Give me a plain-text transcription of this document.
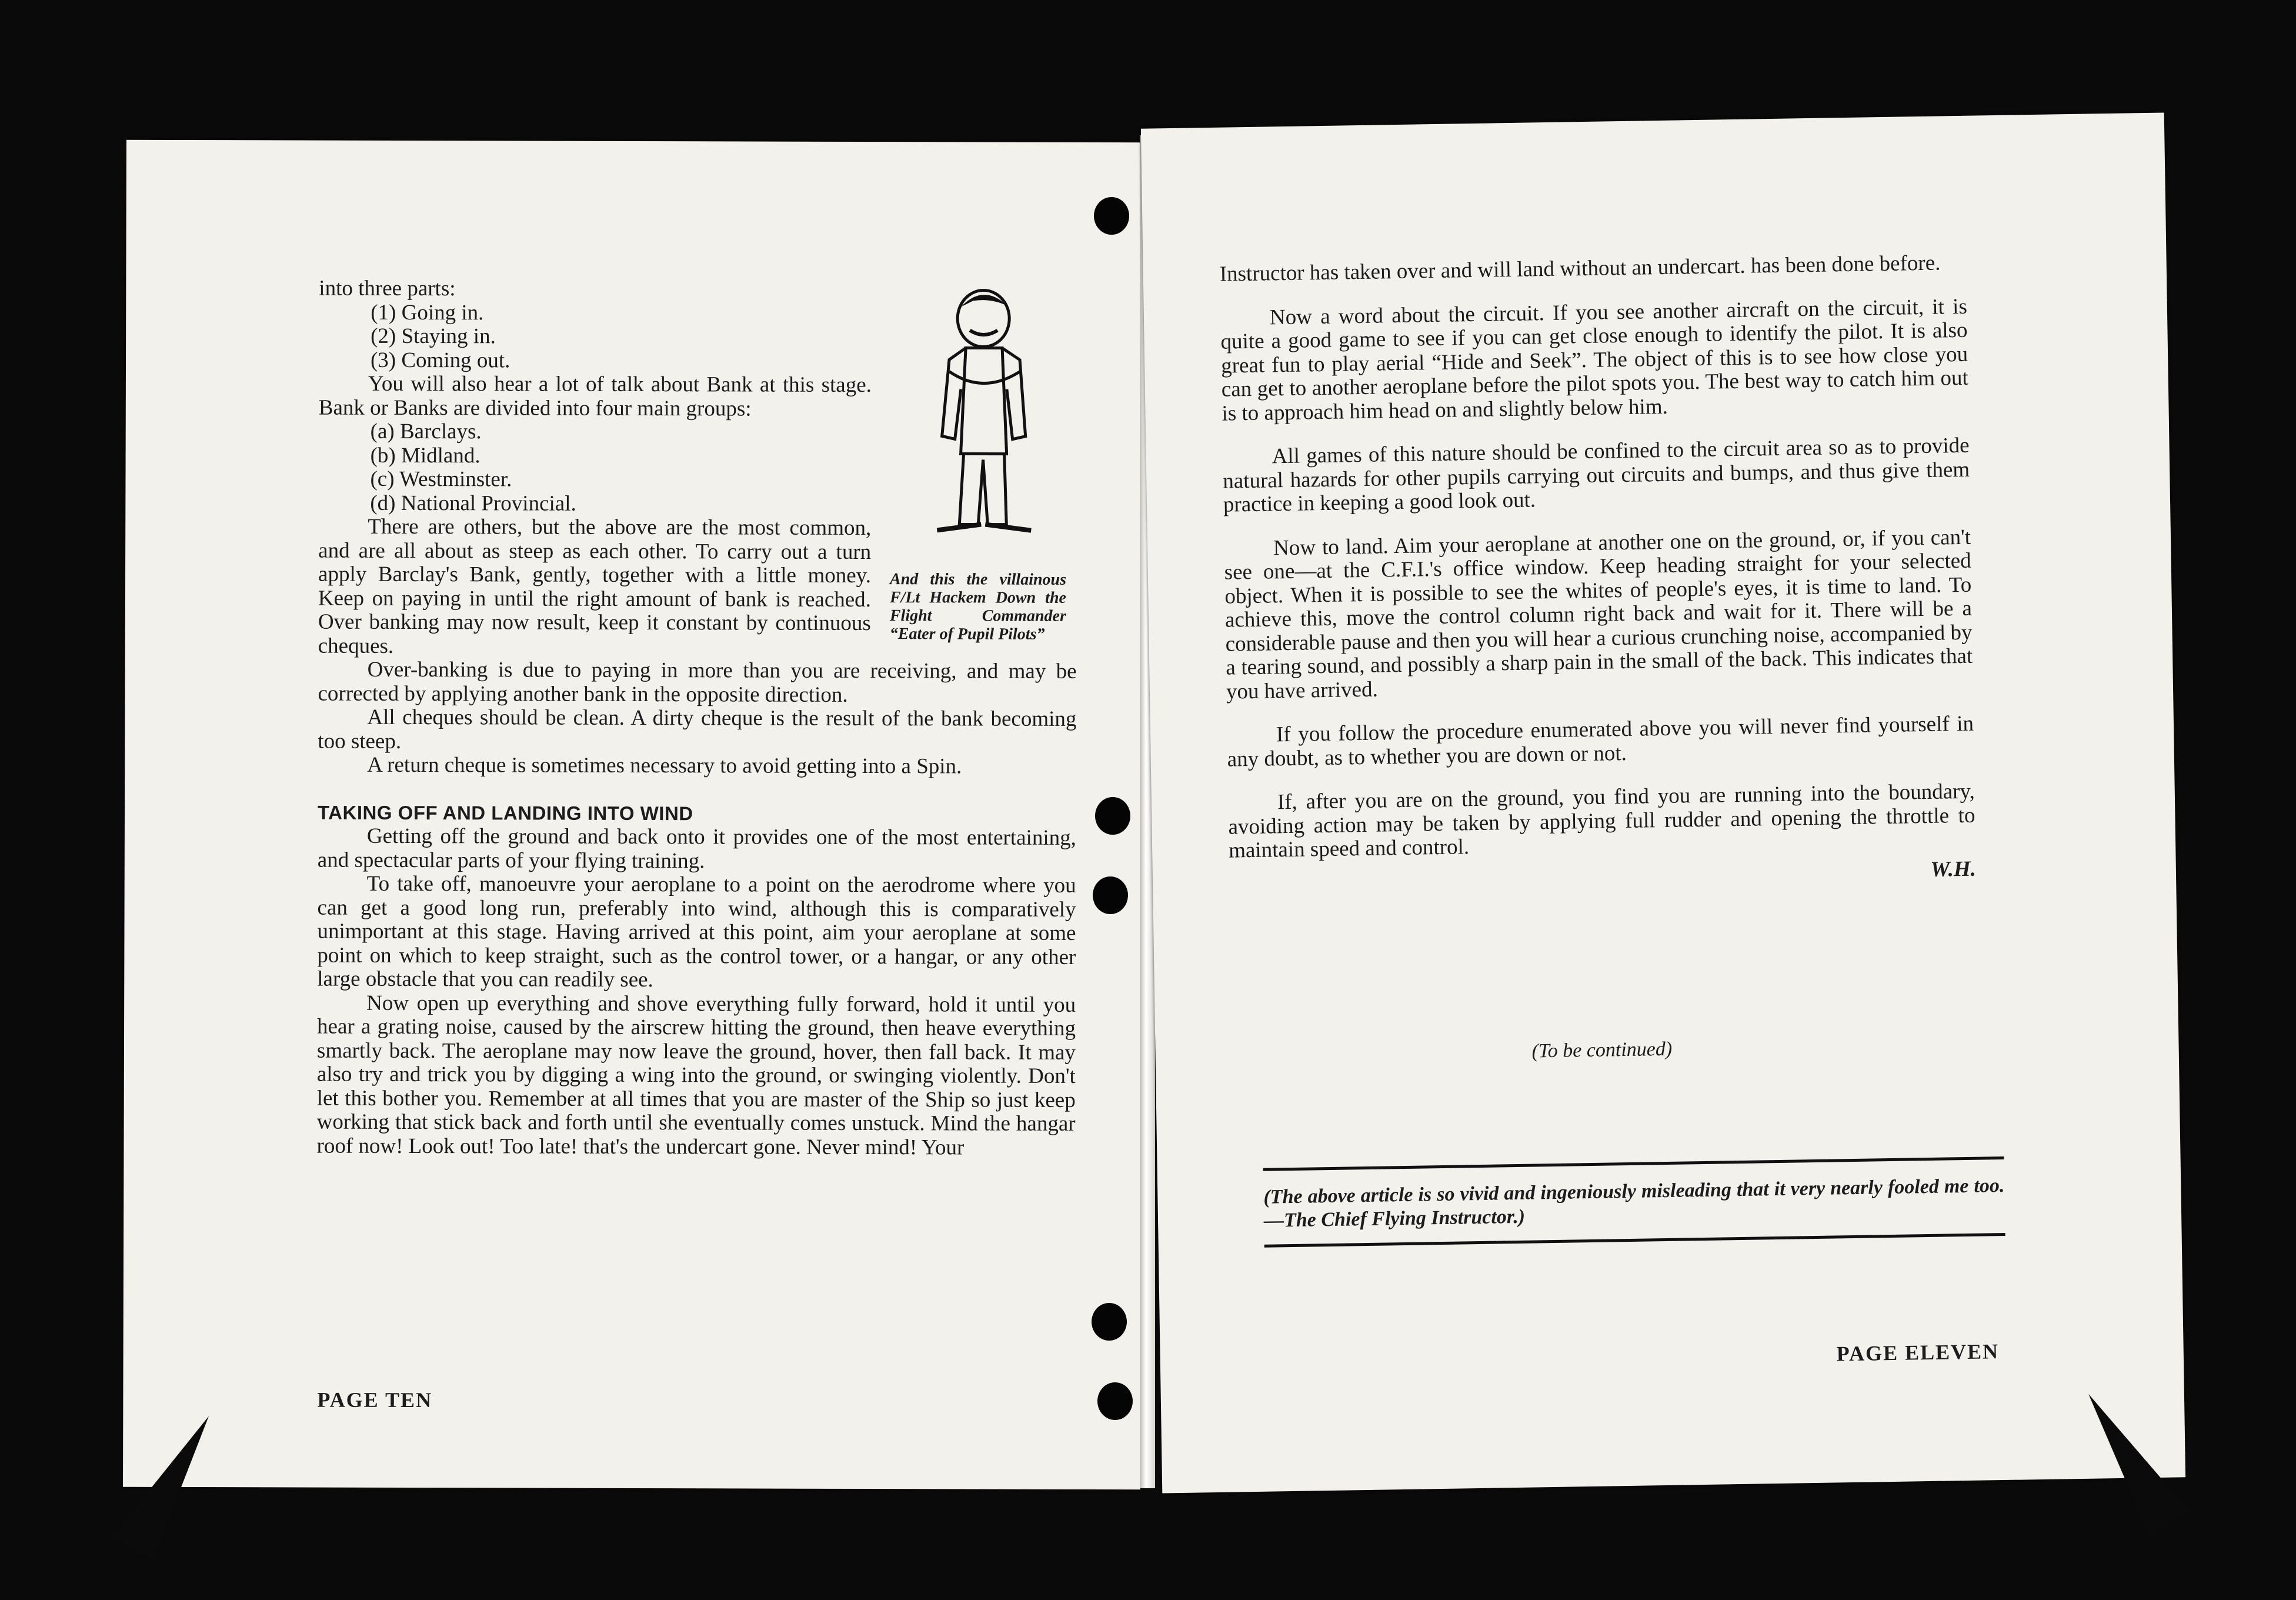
into three parts:

(1) Going in.

(2) Staying in.

(3) Coming out.

You will also hear a lot of talk about Bank at this stage. Bank or Banks are divided into four main groups:

(a) Barclays.

(b) Midland.

(c) Westminster.

(d) National Provincial.

There are others, but the above are the most common, and are all about as steep as each other. To carry out a turn apply Barclay's Bank, gently, together with a little money. Keep on paying in until the right amount of bank is reached. Over banking may now result, keep it constant by continuous cheques.

Over-banking is due to paying in more than you are receiving, and may be corrected by applying another bank in the opposite direction.

All cheques should be clean. A dirty cheque is the result of the bank becoming too steep.

A return cheque is sometimes necessary to avoid getting into a Spin.

TAKING OFF AND LANDING INTO WIND

Getting off the ground and back onto it provides one of the most entertaining, and spectacular parts of your flying training.

To take off, manoeuvre your aeroplane to a point on the aerodrome where you can get a good long run, preferably into wind, although this is comparatively unimportant at this stage. Having arrived at this point, aim your aeroplane at some point on which to keep straight, such as the control tower, or a hangar, or any other large obstacle that you can readily see.

Now open up everything and shove everything fully forward, hold it until you hear a grating noise, caused by the airscrew hitting the ground, then heave everything smartly back. The aeroplane may now leave the ground, hover, then fall back. It may also try and trick you by digging a wing into the ground, or swinging violently. Don't let this bother you. Remember at all times that you are master of the Ship so just keep working that stick back and forth until she eventually comes unstuck. Mind the hangar roof now! Look out! Too late! that's the undercart gone. Never mind! Your

And this the villainous F/Lt Hackem Down the Flight Commander “Eater of Pupil Pilots”

PAGE TEN

Instructor has taken over and will land without an undercart. has been done before.

Now a word about the circuit. If you see another aircraft on the circuit, it is quite a good game to see if you can get close enough to identify the pilot. It is also great fun to play aerial “Hide and Seek”. The object of this is to see how close you can get to another aeroplane before the pilot spots you. The best way to catch him out is to approach him head on and slightly below him.

All games of this nature should be confined to the circuit area so as to provide natural hazards for other pupils carrying out circuits and bumps, and thus give them practice in keeping a good look out.

Now to land. Aim your aeroplane at another one on the ground, or, if you can't see one—at the C.F.I.'s office window. Keep heading straight for your selected object. When it is possible to see the whites of people's eyes, it is time to land. To achieve this, move the control column right back and wait for it. There will be a considerable pause and then you will hear a curious crunching noise, accompanied by a tearing sound, and possibly a sharp pain in the small of the back. This indicates that you have arrived.

If you follow the procedure enumerated above you will never find yourself in any doubt, as to whether you are down or not.

If, after you are on the ground, you find you are running into the boundary, avoiding action may be taken by applying full rudder and opening the throttle to maintain speed and control.

W.H.

(To be continued)
(The above article is so vivid and ingeniously misleading that it very nearly fooled me too.—The Chief Flying Instructor.)
PAGE ELEVEN
